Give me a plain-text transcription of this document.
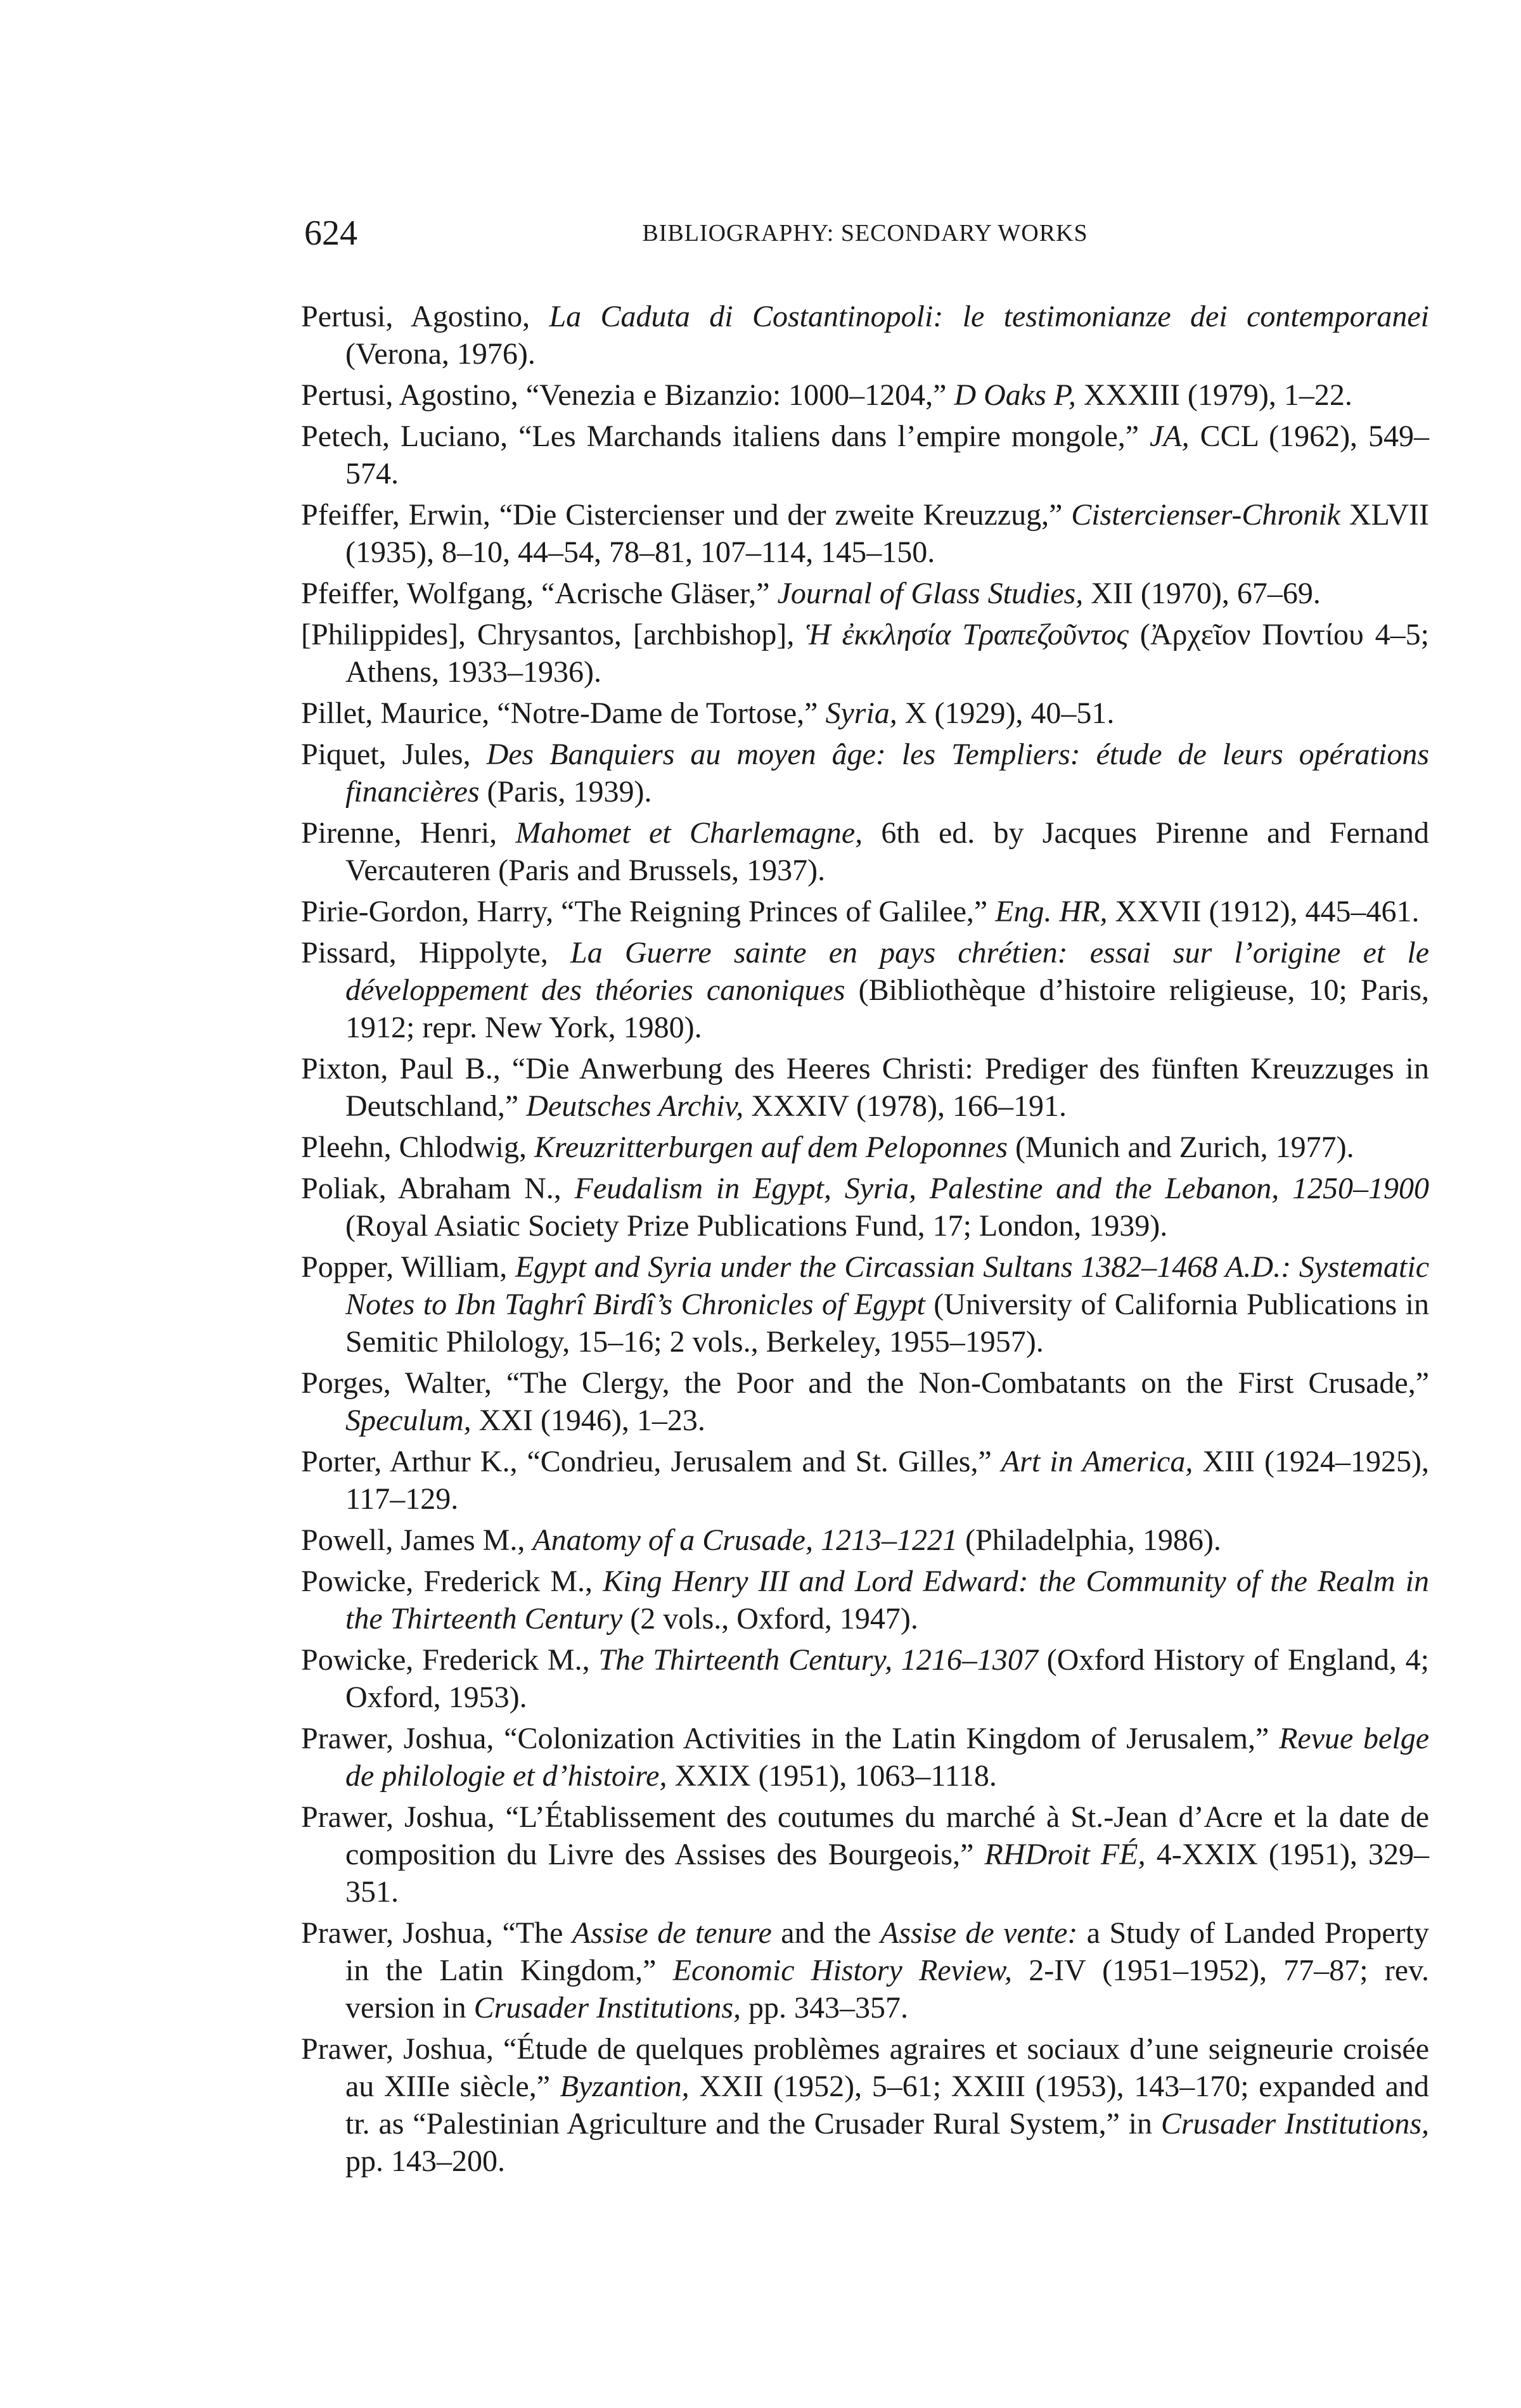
624	BIBLIOGRAPHY: SECONDARY WORKS
Pertusi, Agostino, La Caduta di Costantinopoli: le testimonianze dei contemporanei (Verona, 1976).
Pertusi, Agostino, “Venezia e Bizanzio: 1000–1204,” D Oaks P, XXXIII (1979), 1–22.
Petech, Luciano, “Les Marchands italiens dans l’empire mongole,” JA, CCL (1962), 549–574.
Pfeiffer, Erwin, “Die Cistercienser und der zweite Kreuzzug,” Cistercienser-Chronik XLVII (1935), 8–10, 44–54, 78–81, 107–114, 145–150.
Pfeiffer, Wolfgang, “Acrische Gläser,” Journal of Glass Studies, XII (1970), 67–69.
[Philippides], Chrysantos, [archbishop], Ἡ ἐκκλησία Τραπεζοῦντος (Ἀρχεῖον Ποντίου 4–5; Athens, 1933–1936).
Pillet, Maurice, “Notre-Dame de Tortose,” Syria, X (1929), 40–51.
Piquet, Jules, Des Banquiers au moyen âge: les Templiers: étude de leurs opérations financières (Paris, 1939).
Pirenne, Henri, Mahomet et Charlemagne, 6th ed. by Jacques Pirenne and Fernand Vercauteren (Paris and Brussels, 1937).
Pirie-Gordon, Harry, “The Reigning Princes of Galilee,” Eng. HR, XXVII (1912), 445–461.
Pissard, Hippolyte, La Guerre sainte en pays chrétien: essai sur l’origine et le développement des théories canoniques (Bibliothèque d’histoire religieuse, 10; Paris, 1912; repr. New York, 1980).
Pixton, Paul B., “Die Anwerbung des Heeres Christi: Prediger des fünften Kreuzzuges in Deutschland,” Deutsches Archiv, XXXIV (1978), 166–191.
Pleehn, Chlodwig, Kreuzritterburgen auf dem Peloponnes (Munich and Zurich, 1977).
Poliak, Abraham N., Feudalism in Egypt, Syria, Palestine and the Lebanon, 1250–1900 (Royal Asiatic Society Prize Publications Fund, 17; London, 1939).
Popper, William, Egypt and Syria under the Circassian Sultans 1382–1468 A.D.: Systematic Notes to Ibn Taghrî Birdî’s Chronicles of Egypt (University of California Publications in Semitic Philology, 15–16; 2 vols., Berkeley, 1955–1957).
Porges, Walter, “The Clergy, the Poor and the Non-Combatants on the First Crusade,” Speculum, XXI (1946), 1–23.
Porter, Arthur K., “Condrieu, Jerusalem and St. Gilles,” Art in America, XIII (1924–1925), 117–129.
Powell, James M., Anatomy of a Crusade, 1213–1221 (Philadelphia, 1986).
Powicke, Frederick M., King Henry III and Lord Edward: the Community of the Realm in the Thirteenth Century (2 vols., Oxford, 1947).
Powicke, Frederick M., The Thirteenth Century, 1216–1307 (Oxford History of England, 4; Oxford, 1953).
Prawer, Joshua, “Colonization Activities in the Latin Kingdom of Jerusalem,” Revue belge de philologie et d’histoire, XXIX (1951), 1063–1118.
Prawer, Joshua, “L’Établissement des coutumes du marché à St.-Jean d’Acre et la date de composition du Livre des Assises des Bourgeois,” RHDroit FÉ, 4-XXIX (1951), 329–351.
Prawer, Joshua, “The Assise de tenure and the Assise de vente: a Study of Landed Property in the Latin Kingdom,” Economic History Review, 2-IV (1951–1952), 77–87; rev. version in Crusader Institutions, pp. 343–357.
Prawer, Joshua, “Étude de quelques problèmes agraires et sociaux d’une seigneurie croisée au XIIIe siècle,” Byzantion, XXII (1952), 5–61; XXIII (1953), 143–170; expanded and tr. as “Palestinian Agriculture and the Crusader Rural System,” in Crusader Institutions, pp. 143–200.
